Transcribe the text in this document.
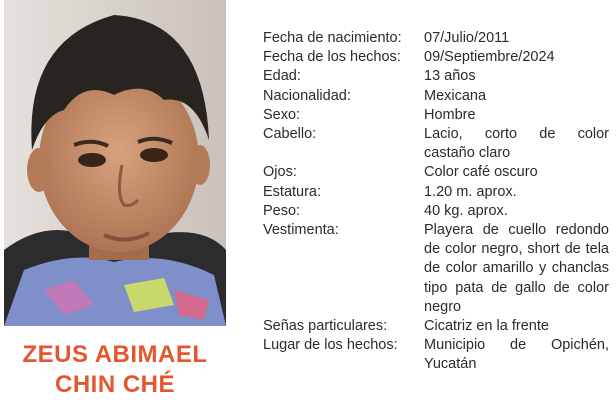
ZEUS ABIMAEL
CHIN CHÉ
Fecha de nacimiento:	07/Julio/2011
Fecha de los hechos:	09/Septiembre/2024
Edad:	13 años
Nacionalidad:	Mexicana
Sexo:	Hombre
Cabello:	Lacio, corto de color castaño claro
Ojos:	Color café oscuro
Estatura:	1.20 m. aprox.
Peso:	40 kg. aprox.
Vestimenta:	Playera de cuello redondo de color negro, short de tela de color amarillo y chanclas tipo pata de gallo de color negro
Señas particulares:	Cicatriz en la frente
Lugar de los hechos:	Municipio de Opichén, Yucatán
